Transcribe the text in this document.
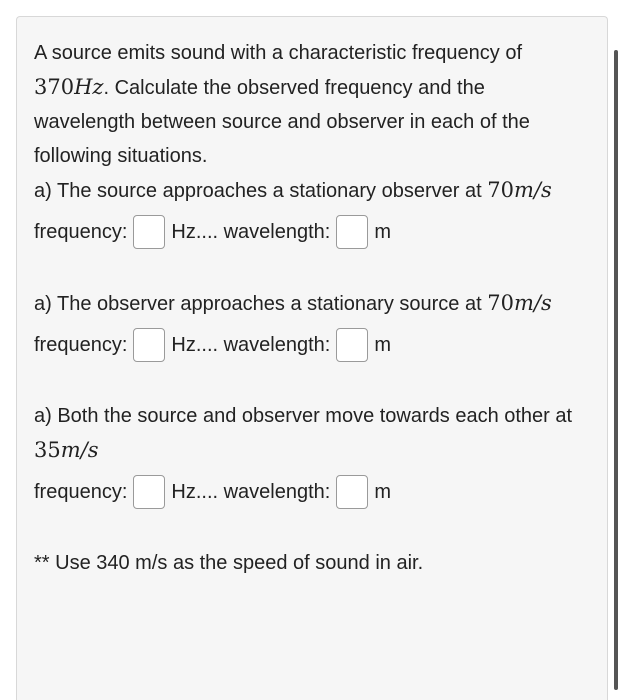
A source emits sound with a characteristic frequency of 370Hz. Calculate the observed frequency and the wavelength between source and observer in each of the following situations.

a) The source approaches a stationary observer at 70m/s

frequency: Hz.... wavelength: m

a) The observer approaches a stationary source at 70m/s

frequency: Hz.... wavelength: m

a) Both the source and observer move towards each other at 35m/s

frequency: Hz.... wavelength: m

** Use 340 m/s as the speed of sound in air.
